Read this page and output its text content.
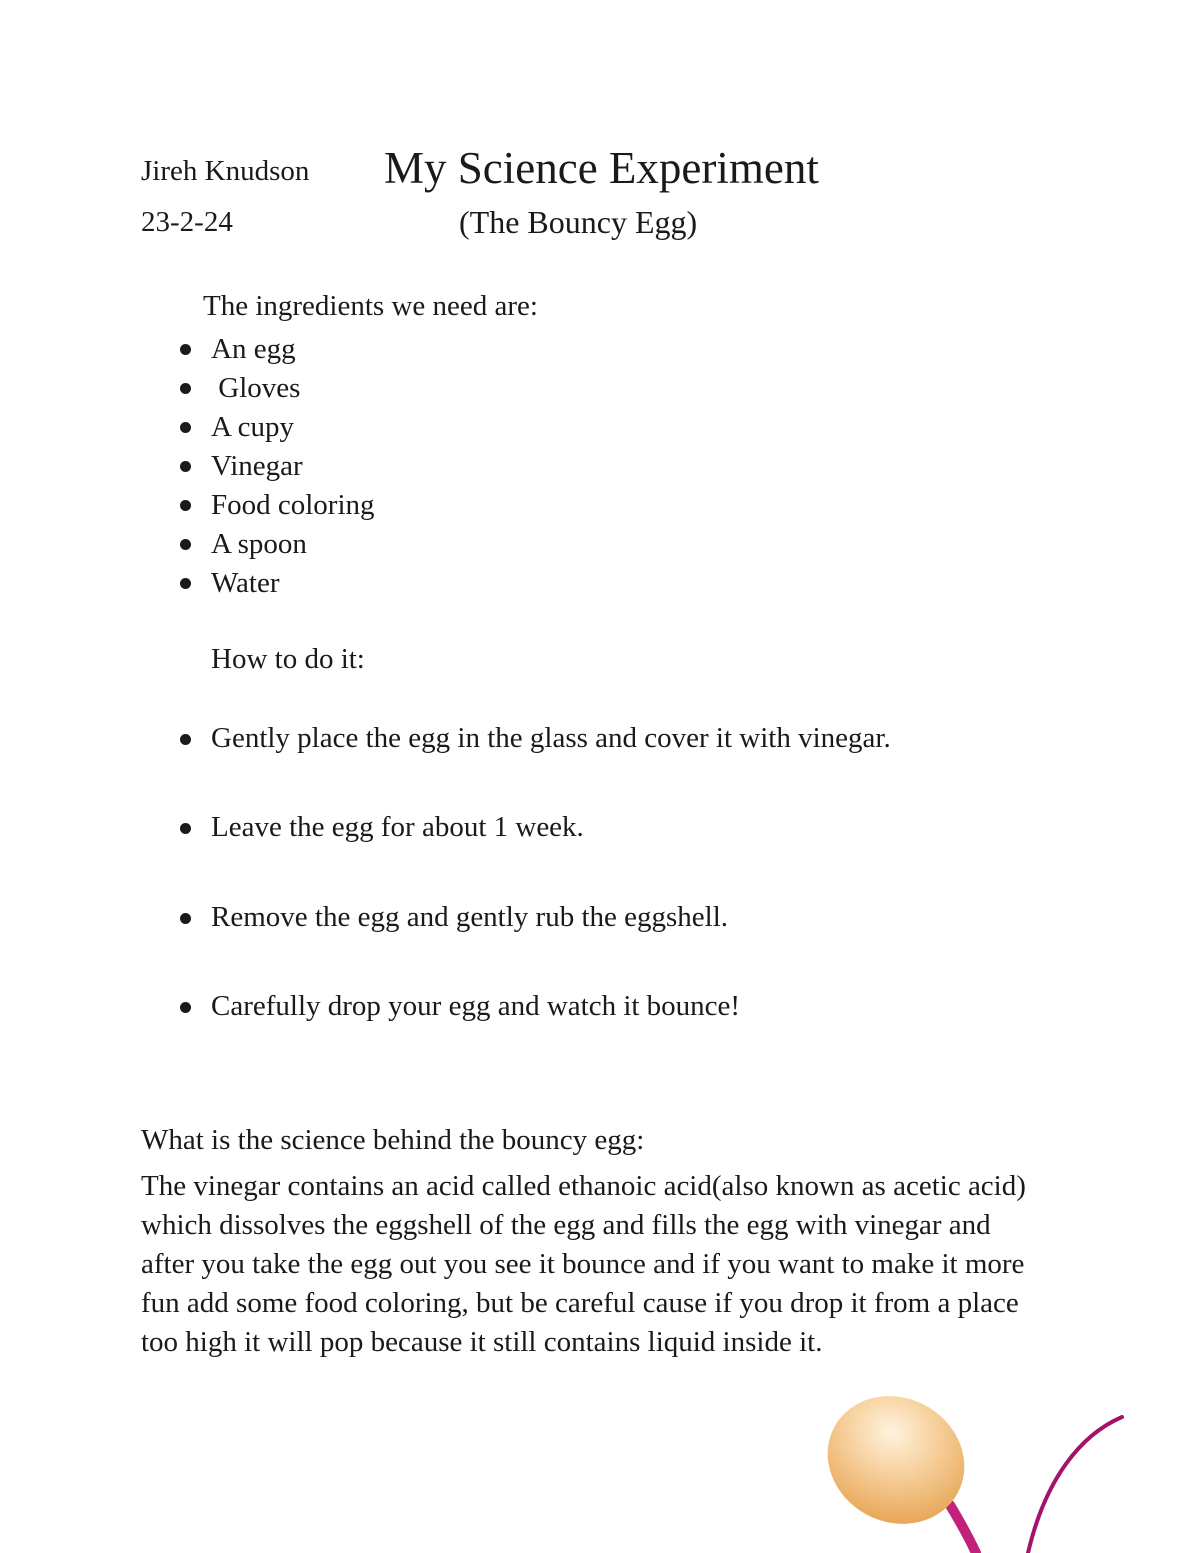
Jireh Knudson
23-2-24
My Science Experiment
(The Bouncy Egg)
The ingredients we need are:
An egg
Gloves
A cupy
Vinegar
Food coloring
A spoon
Water
How to do it:
Gently place the egg in the glass and cover it with vinegar.
Leave the egg for about 1 week.
Remove the egg and gently rub the eggshell.
Carefully drop your egg and watch it bounce!
What is the science behind the bouncy egg:
The vinegar contains an acid called ethanoic acid(also known as acetic acid)
which dissolves the eggshell of the egg and fills the egg with vinegar and
after you take the egg out you see it bounce and if you want to make it more
fun add some food coloring, but be careful cause if you drop it from a place
too high it will pop because it still contains liquid inside it.
